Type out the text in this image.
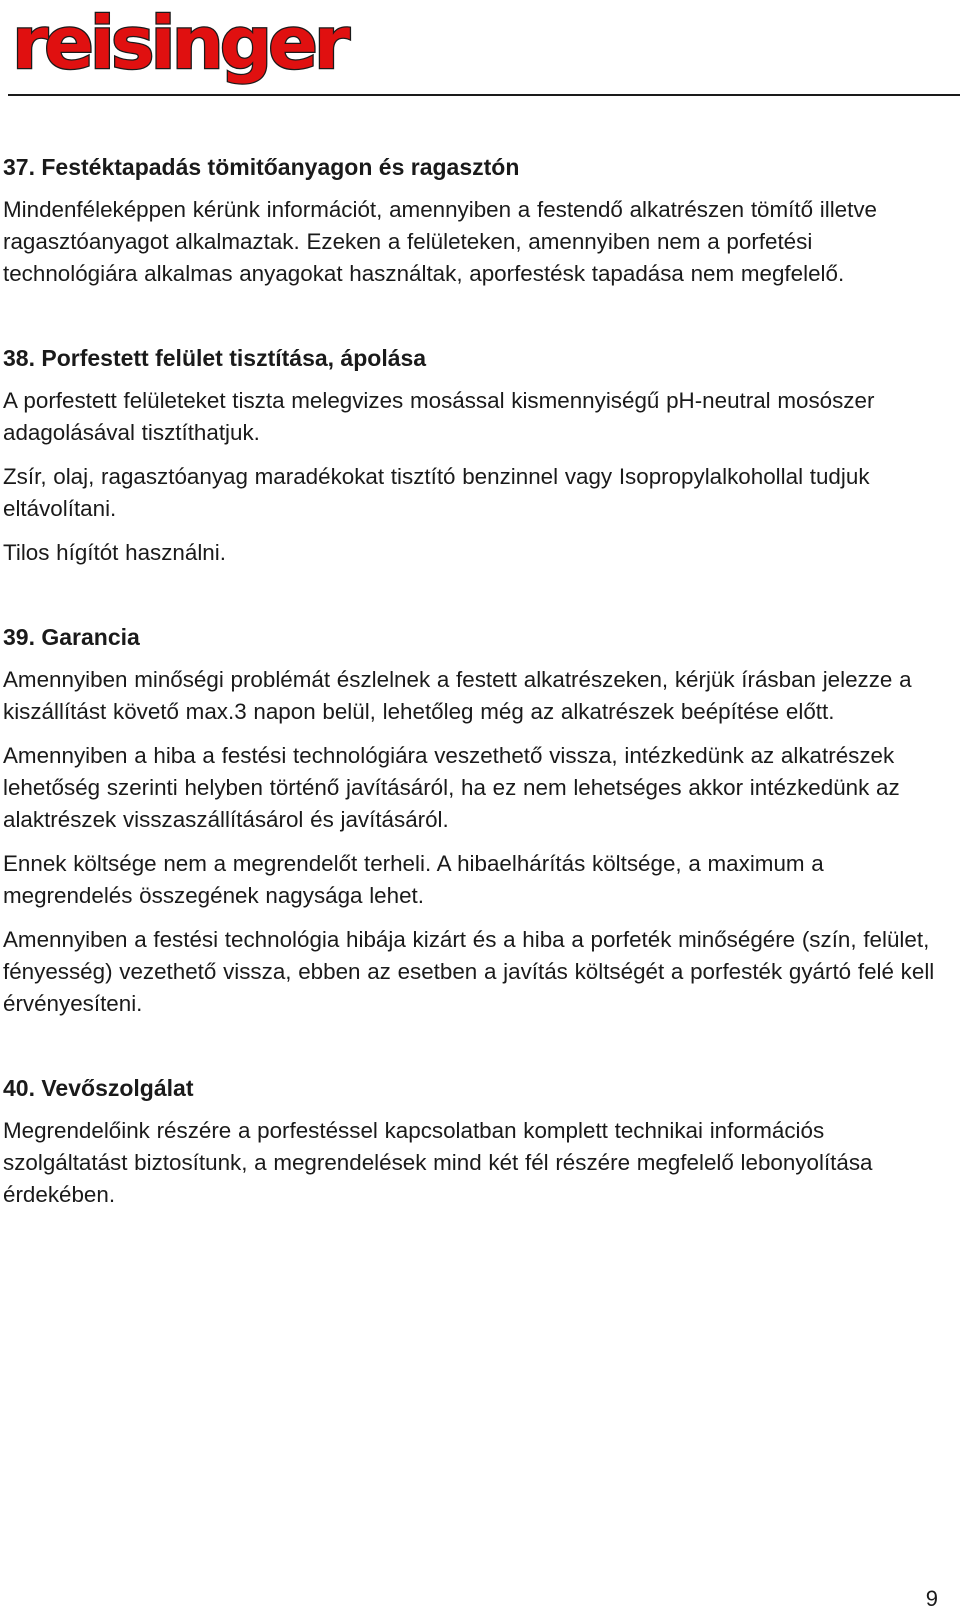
reisinger
37. Festéktapadás tömitőanyagon és ragasztón

Mindenféleképpen kérünk információt, amennyiben a festendő alkatrészen tömítő illetve ragasztóanyagot alkalmaztak. Ezeken a felületeken, amennyiben nem a porfetési technológiára alkalmas anyagokat használtak, aporfestésk tapadása nem megfelelő.

38. Porfestett felület tisztítása, ápolása

A porfestett felületeket tiszta melegvizes mosással kismennyiségű pH-neutral mosószer adagolásával tisztíthatjuk.

Zsír, olaj, ragasztóanyag maradékokat tisztító benzinnel vagy Isopropylalkohollal tudjuk eltávolítani.

Tilos hígítót használni.

39. Garancia

Amennyiben minőségi problémát észlelnek a festett alkatrészeken, kérjük írásban jelezze a kiszállítást követő max.3 napon belül, lehetőleg még az alkatrészek beépítése előtt.

Amennyiben a hiba a festési technológiára veszethető vissza, intézkedünk az alkatrészek lehetőség szerinti helyben történő javításáról, ha ez nem lehetséges akkor intézkedünk az alaktrészek visszaszállításárol és javításáról.

Ennek költsége nem a megrendelőt terheli. A hibaelhárítás költsége, a maximum a megrendelés összegének nagysága lehet.

Amennyiben a festési technológia hibája kizárt és a hiba a porfeték minőségére (szín, felület, fényesség) vezethető vissza, ebben az esetben a javítás költségét a porfesték gyártó felé kell érvényesíteni.

40. Vevőszolgálat

Megrendelőink részére a porfestéssel kapcsolatban komplett technikai információs szolgáltatást biztosítunk, a megrendelések mind két fél részére megfelelő lebonyolítása érdekében.

9
